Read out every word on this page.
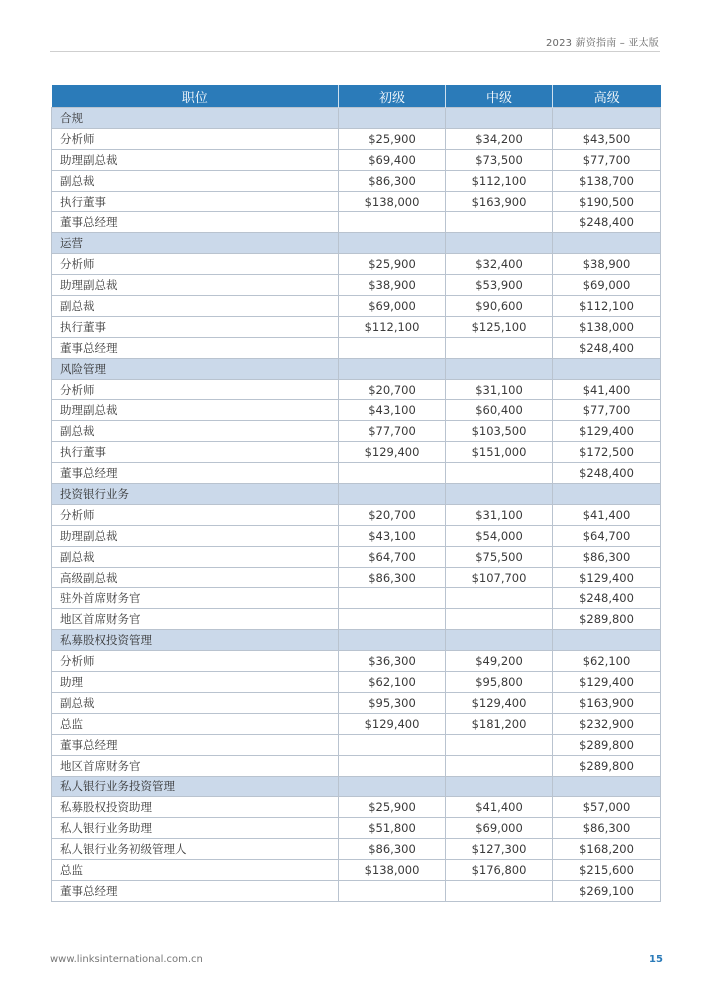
2023 薪资指南 – 亚太版
职位	初级	中级	高级
合规			
分析师	$25,900	$34,200	$43,500
助理副总裁	$69,400	$73,500	$77,700
副总裁	$86,300	$112,100	$138,700
执行董事	$138,000	$163,900	$190,500
董事总经理			$248,400
运营			
分析师	$25,900	$32,400	$38,900
助理副总裁	$38,900	$53,900	$69,000
副总裁	$69,000	$90,600	$112,100
执行董事	$112,100	$125,100	$138,000
董事总经理			$248,400
风险管理			
分析师	$20,700	$31,100	$41,400
助理副总裁	$43,100	$60,400	$77,700
副总裁	$77,700	$103,500	$129,400
执行董事	$129,400	$151,000	$172,500
董事总经理			$248,400
投资银行业务			
分析师	$20,700	$31,100	$41,400
助理副总裁	$43,100	$54,000	$64,700
副总裁	$64,700	$75,500	$86,300
高级副总裁	$86,300	$107,700	$129,400
驻外首席财务官			$248,400
地区首席财务官			$289,800
私募股权投资管理			
分析师	$36,300	$49,200	$62,100
助理	$62,100	$95,800	$129,400
副总裁	$95,300	$129,400	$163,900
总监	$129,400	$181,200	$232,900
董事总经理			$289,800
地区首席财务官			$289,800
私人银行业务投资管理			
私募股权投资助理	$25,900	$41,400	$57,000
私人银行业务助理	$51,800	$69,000	$86,300
私人银行业务初级管理人	$86,300	$127,300	$168,200
总监	$138,000	$176,800	$215,600
董事总经理			$269,100
www.linksinternational.com.cn	15
